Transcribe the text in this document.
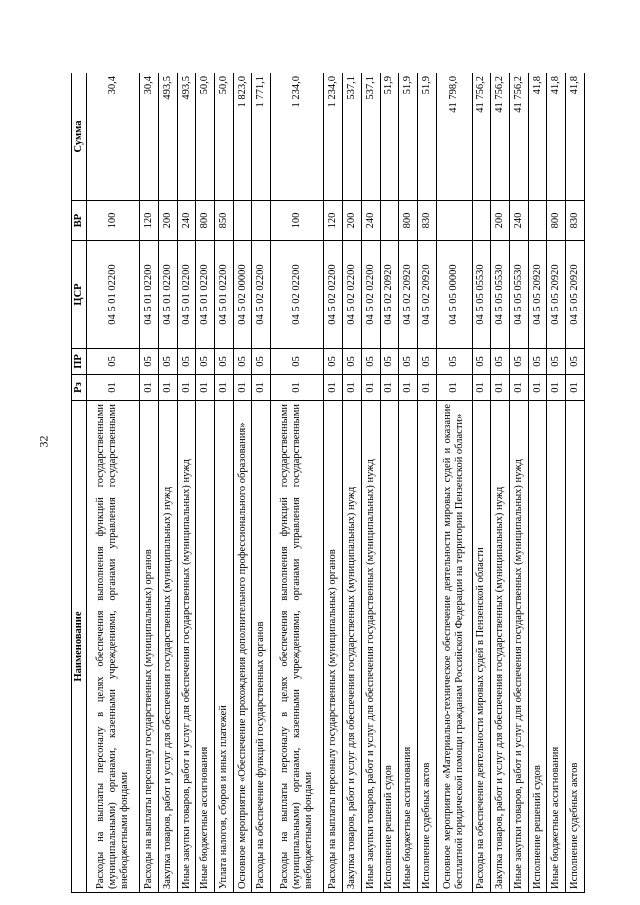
32
Наименование	Рз	ПР	ЦСР	ВР	Сумма
Расходы на выплаты персоналу в целях обеспечения выполнения функций государственными (муниципальными) органами, казенными учреждениями, органами управления государственными внебюджетными фондами	01	05	04 5 01 02200	100	30,4
Расходы на выплаты персоналу государственных (муниципальных) органов	01	05	04 5 01 02200	120	30,4
Закупка товаров, работ и услуг для обеспечения государственных (муниципальных) нужд	01	05	04 5 01 02200	200	493,5
Иные закупки товаров, работ и услуг для обеспечения государственных (муниципальных) нужд	01	05	04 5 01 02200	240	493,5
Иные бюджетные ассигнования	01	05	04 5 01 02200	800	50,0
Уплата налогов, сборов и иных платежей	01	05	04 5 01 02200	850	50,0
Основное мероприятие «Обеспечение прохождения дополнительного профессионального образования»	01	05	04 5 02 00000		1 823,0
Расходы на обеспечение функций государственных органов	01	05	04 5 02 02200		1 771,1
Расходы на выплаты персоналу в целях обеспечения выполнения функций государственными (муниципальными) органами, казенными учреждениями, органами управления государственными внебюджетными фондами	01	05	04 5 02 02200	100	1 234,0
Расходы на выплаты персоналу государственных (муниципальных) органов	01	05	04 5 02 02200	120	1 234,0
Закупка товаров, работ и услуг для обеспечения государственных (муниципальных) нужд	01	05	04 5 02 02200	200	537,1
Иные закупки товаров, работ и услуг для обеспечения государственных (муниципальных) нужд	01	05	04 5 02 02200	240	537,1
Исполнение решений судов	01	05	04 5 02 20920		51,9
Иные бюджетные ассигнования	01	05	04 5 02 20920	800	51,9
Исполнение судебных актов	01	05	04 5 02 20920	830	51,9
Основное мероприятие «Материально-техническое обеспечение деятельности мировых судей и оказание бесплатной юридической помощи гражданам Российской Федерации на территории Пензенской области»	01	05	04 5 05 00000		41 798,0
Расходы на обеспечение деятельности мировых судей в Пензенской области	01	05	04 5 05 05530		41 756,2
Закупка товаров, работ и услуг для обеспечения государственных (муниципальных) нужд	01	05	04 5 05 05530	200	41 756,2
Иные закупки товаров, работ и услуг для обеспечения государственных (муниципальных) нужд	01	05	04 5 05 05530	240	41 756,2
Исполнение решений судов	01	05	04 5 05 20920		41,8
Иные бюджетные ассигнования	01	05	04 5 05 20920	800	41,8
Исполнение судебных актов	01	05	04 5 05 20920	830	41,8
